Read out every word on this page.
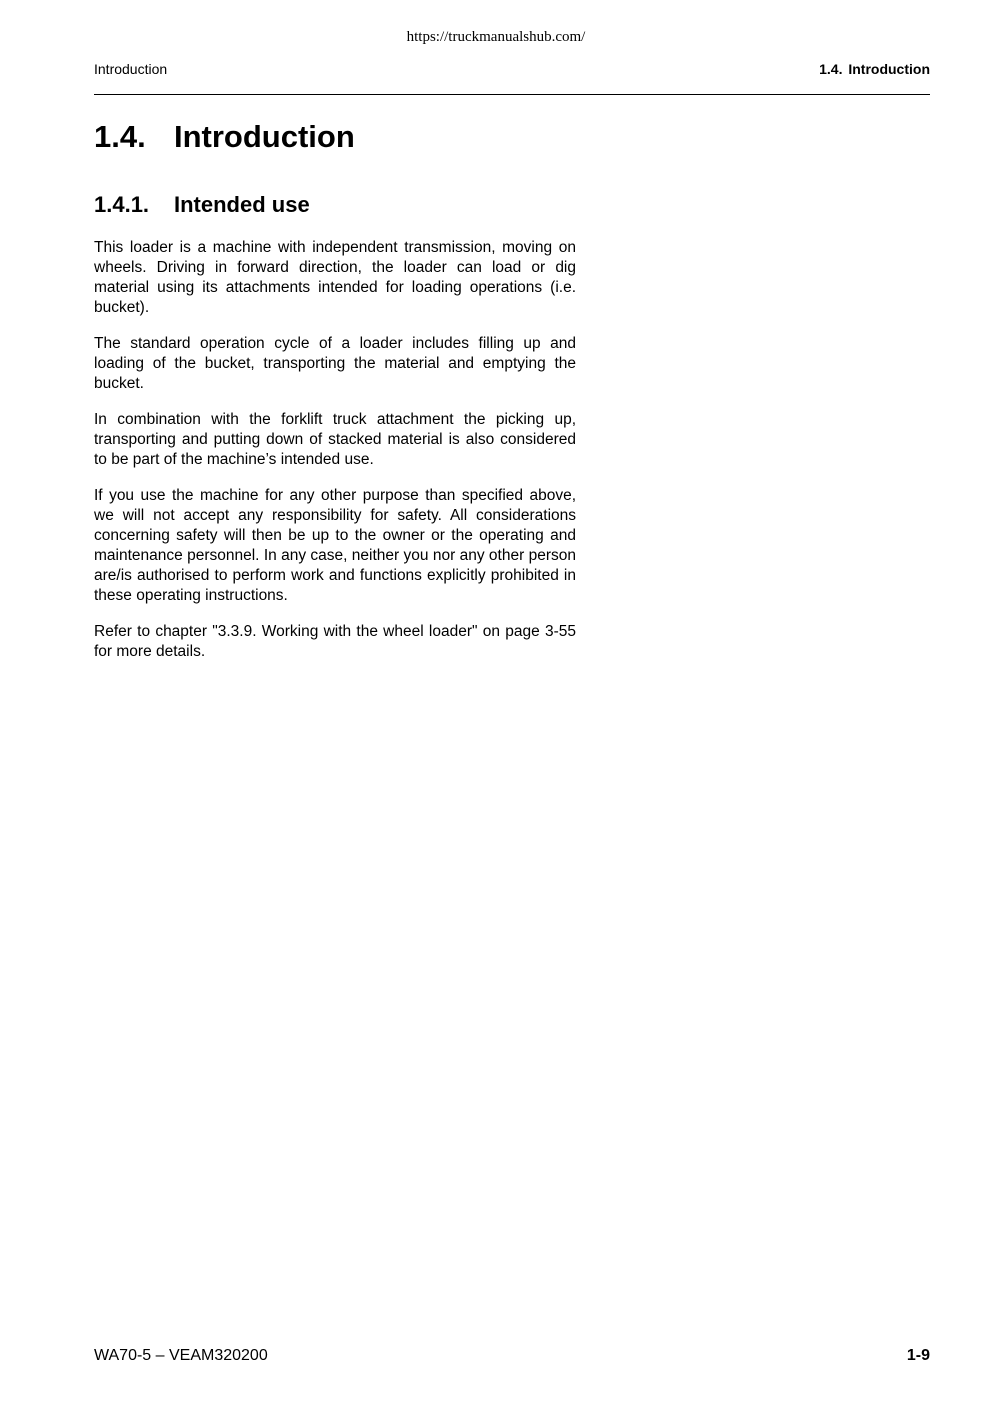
https://truckmanualshub.com/
Introduction	1.4. Introduction
1.4. Introduction
1.4.1. Intended use

This loader is a machine with independent transmission, moving on wheels. Driving in forward direction, the loader can load or dig material using its attachments intended for loading operations (i.e. bucket).

The standard operation cycle of a loader includes filling up and loading of the bucket, transporting the material and emptying the bucket.

In combination with the forklift truck attachment the picking up, transporting and putting down of stacked material is also considered to be part of the machine’s intended use.

If you use the machine for any other purpose than specified above, we will not accept any responsibility for safety. All considerations concerning safety will then be up to the owner or the operating and maintenance personnel. In any case, neither you nor any other person are/is authorised to perform work and functions explicitly prohibited in these operating instructions.

Refer to chapter "3.3.9. Working with the wheel loader" on page 3-55 for more details.

WA70-5 – VEAM320200	1-9
